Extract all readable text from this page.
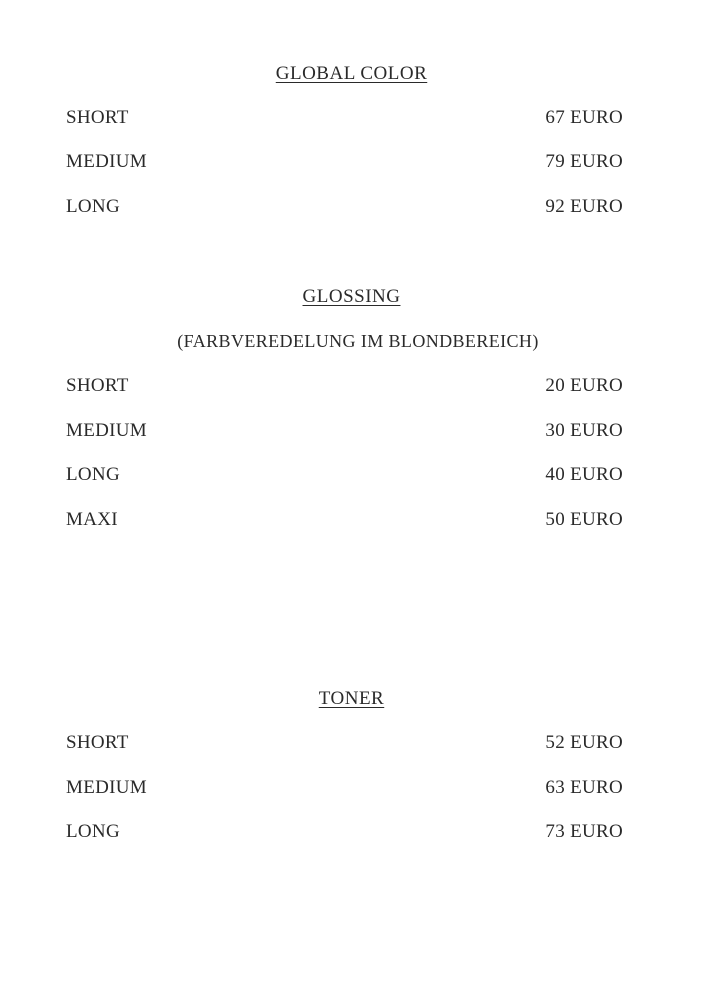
GLOBAL COLOR
SHORT	67 EURO
MEDIUM	79 EURO
LONG	92 EURO
GLOSSING
(FARBVEREDELUNG IM BLONDBEREICH)
SHORT	20 EURO
MEDIUM	30 EURO
LONG	40 EURO
MAXI	50 EURO
TONER
SHORT	52 EURO
MEDIUM	63 EURO
LONG	73 EURO
